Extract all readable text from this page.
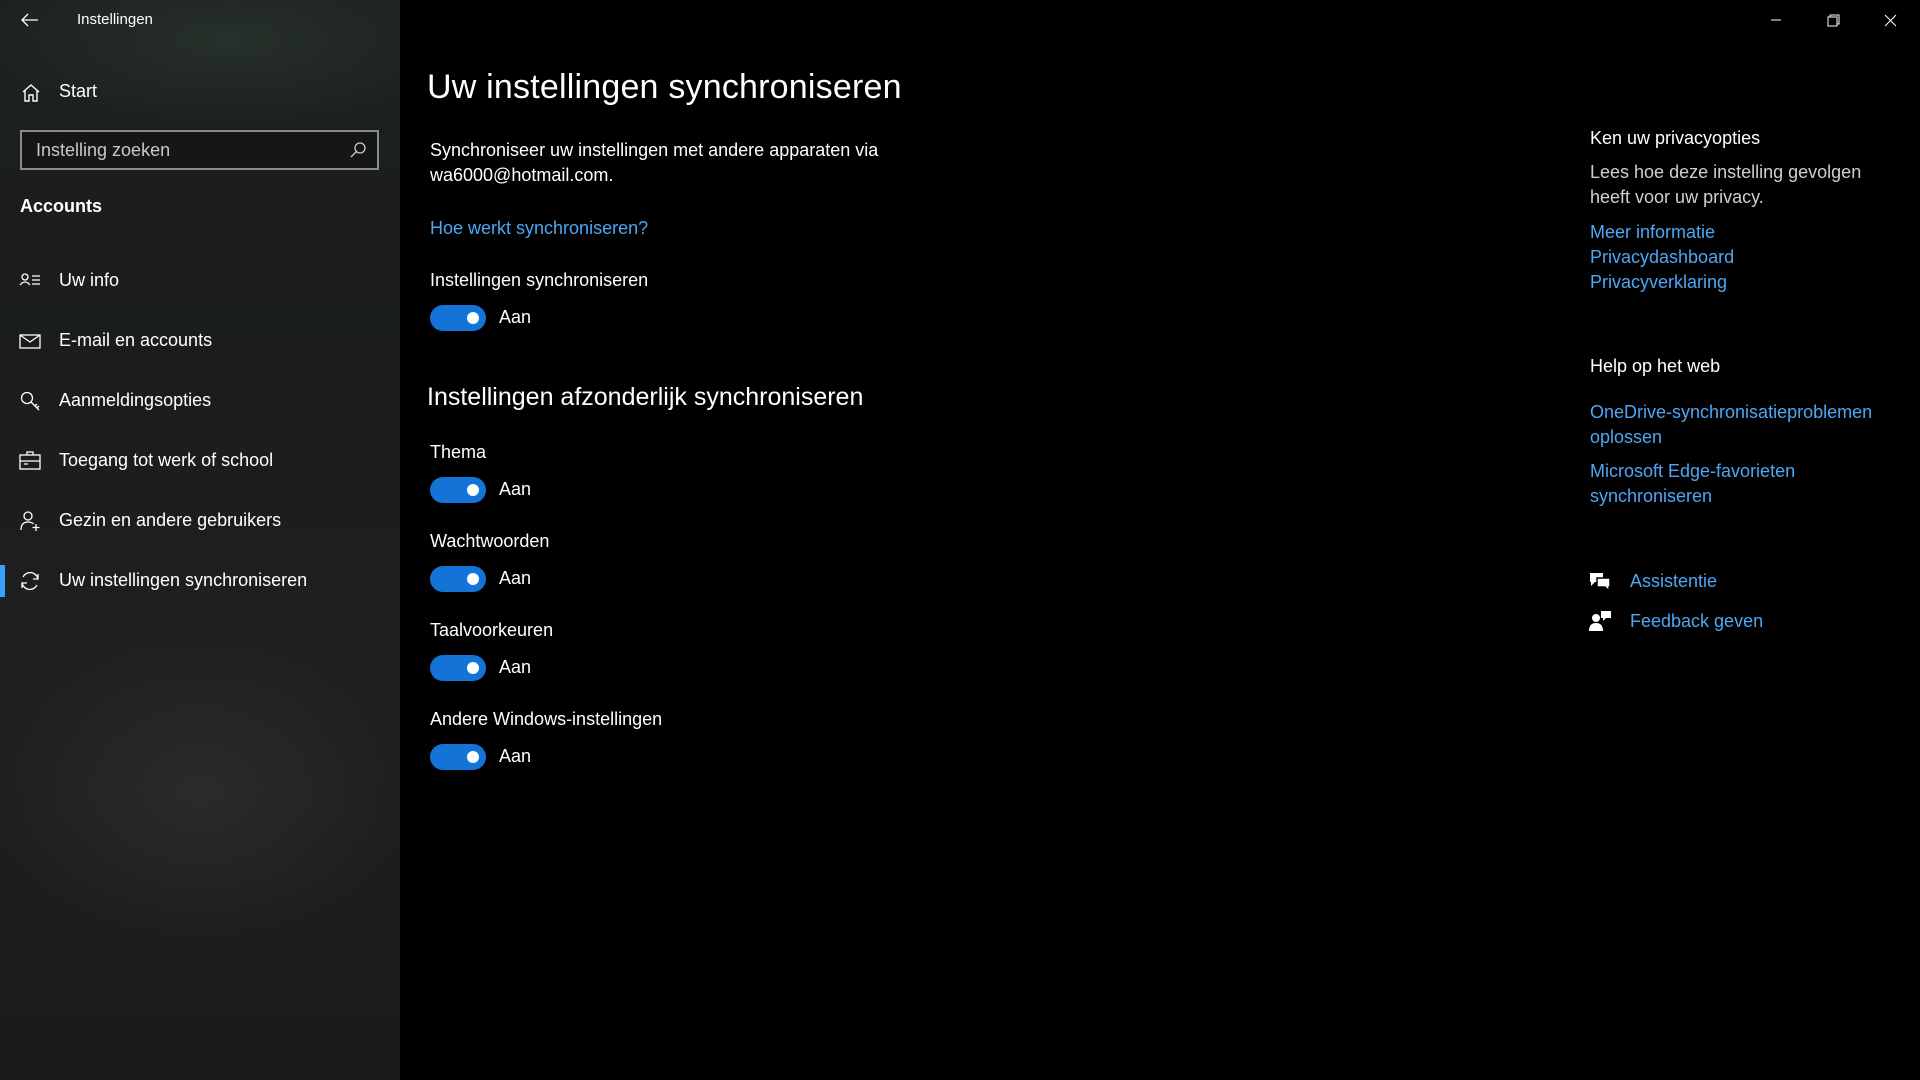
Instellingen
Start
Instelling zoeken
Accounts
Uw info
E-mail en accounts
Aanmeldingsopties
Toegang tot werk of school
Gezin en andere gebruikers
Uw instellingen synchroniseren
Uw instellingen synchroniseren
Synchroniseer uw instellingen met andere apparaten via wa6000@hotmail.com.
Hoe werkt synchroniseren?
Instellingen synchroniseren
Aan
Instellingen afzonderlijk synchroniseren
Thema
Aan
Wachtwoorden
Aan
Taalvoorkeuren
Aan
Andere Windows-instellingen
Aan
Ken uw privacyopties
Lees hoe deze instelling gevolgen heeft voor uw privacy.
Meer informatie
Privacydashboard
Privacyverklaring
Help op het web
OneDrive-synchronisatieproblemen oplossen
Microsoft Edge-favorieten synchroniseren
Assistentie
Feedback geven
